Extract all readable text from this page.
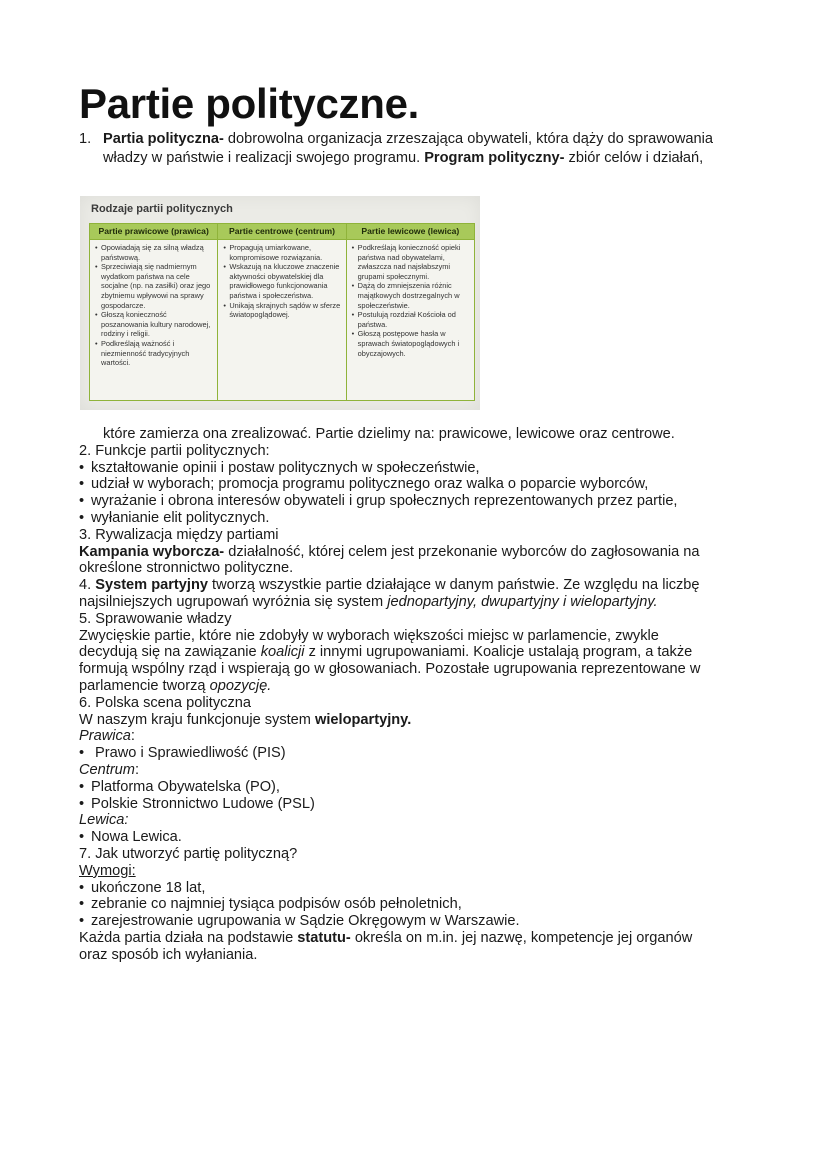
Partie polityczne.
1. Partia polityczna- dobrowolna organizacja zrzeszająca obywateli, która dąży do sprawowania władzy w państwie i realizacji swojego programu. Program polityczny- zbiór celów i działań,
Rodzaje partii politycznych
Partie prawicowe (prawica)
• Opowiadają się za silną władzą państwową.
• Sprzeciwiają się nadmiernym wydatkom państwa na cele socjalne (np. na zasiłki) oraz jego zbytniemu wpływowi na sprawy gospodarcze.
• Głoszą konieczność poszanowania kultury narodowej, rodziny i religii.
• Podkreślają ważność i niezmienność tradycyjnych wartości.
Partie centrowe (centrum)
• Propagują umiarkowane, kompromisowe rozwiązania.
• Wskazują na kluczowe znaczenie aktywności obywatelskiej dla prawidłowego funkcjonowania państwa i społeczeństwa.
• Unikają skrajnych sądów w sferze światopoglądowej.
Partie lewicowe (lewica)
• Podkreślają konieczność opieki państwa nad obywatelami, zwłaszcza nad najsłabszymi grupami społecznymi.
• Dążą do zmniejszenia różnic majątkowych dostrzegalnych w społeczeństwie.
• Postulują rozdział Kościoła od państwa.
• Głoszą postępowe hasła w sprawach światopoglądowych i obyczajowych.
które zamierza ona zrealizować. Partie dzielimy na: prawicowe, lewicowe oraz centrowe.
2. Funkcje partii politycznych:
• kształtowanie opinii i postaw politycznych w społeczeństwie,
• udział w wyborach; promocja programu politycznego oraz walka o poparcie wyborców,
• wyrażanie i obrona interesów obywateli i grup społecznych reprezentowanych przez partie,
• wyłanianie elit politycznych.
3. Rywalizacja między partiami
Kampania wyborcza- działalność, której celem jest przekonanie wyborców do zagłosowania na
określone stronnictwo polityczne.
4. System partyjny tworzą wszystkie partie działające w danym państwie. Ze względu na liczbę
najsilniejszych ugrupowań wyróżnia się system jednopartyjny, dwupartyjny i wielopartyjny.
5. Sprawowanie władzy
Zwycięskie partie, które nie zdobyły w wyborach większości miejsc w parlamencie, zwykle
decydują się na zawiązanie koalicji z innymi ugrupowaniami. Koalicje ustalają program, a także
formują wspólny rząd i wspierają go w głosowaniach. Pozostałe ugrupowania reprezentowane w
parlamencie tworzą opozycję.
6. Polska scena polityczna
W naszym kraju funkcjonuje system wielopartyjny.
Prawica:
• Prawo i Sprawiedliwość (PIS)
Centrum:
• Platforma Obywatelska (PO),
• Polskie Stronnictwo Ludowe (PSL)
Lewica:
• Nowa Lewica.
7. Jak utworzyć partię polityczną?
Wymogi:
• ukończone 18 lat,
• zebranie co najmniej tysiąca podpisów osób pełnoletnich,
• zarejestrowanie ugrupowania w Sądzie Okręgowym w Warszawie.
Każda partia działa na podstawie statutu- określa on m.in. jej nazwę, kompetencje jej organów
oraz sposób ich wyłaniania.
